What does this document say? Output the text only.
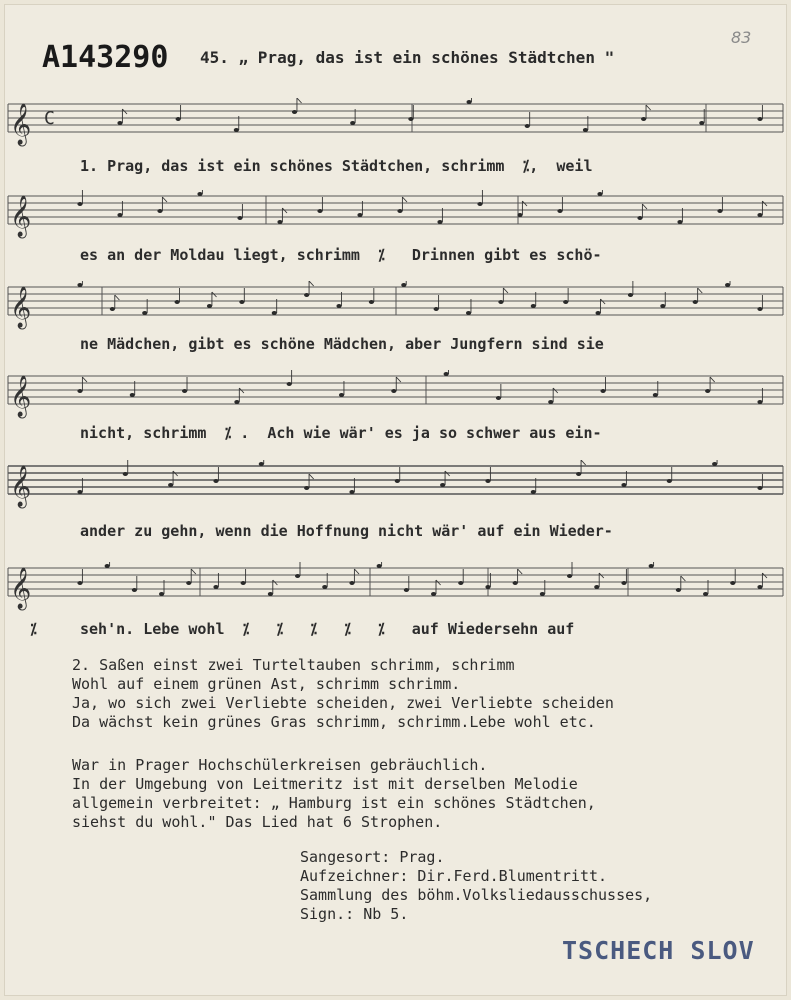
A143290 45. „ Prag, das ist ein schönes Städtchen "
83
𝄞 C
1. Prag, das ist ein schönes Städtchen, schrimm  ⁒,  weil
𝄞
es an der Moldau liegt, schrimm  ⁒   Drinnen gibt es schö-
𝄞
ne Mädchen, gibt es schöne Mädchen, aber Jungfern sind sie
𝄞
nicht, schrimm  ⁒ .  Ach wie wär' es ja so schwer aus ein-
𝄞
ander zu gehn, wenn die Hoffnung nicht wär' auf ein Wieder-
𝄞
seh'n. Lebe wohl  ⁒   ⁒   ⁒   ⁒   ⁒   auf Wiedersehn auf
⁒
2. Saßen einst zwei Turteltauben schrimm, schrimm
Wohl auf einem grünen Ast, schrimm schrimm.
Ja, wo sich zwei Verliebte scheiden, zwei Verliebte scheiden
Da wächst kein grünes Gras schrimm, schrimm.Lebe wohl etc.
War in Prager Hochschülerkreisen gebräuchlich.
In der Umgebung von Leitmeritz ist mit derselben Melodie
allgemein verbreitet: „ Hamburg ist ein schönes Städtchen,
siehst du wohl." Das Lied hat 6 Strophen.
Sangesort: Prag.
Aufzeichner: Dir.Ferd.Blumentritt.
Sammlung des böhm.Volksliedausschusses,
Sign.: Nb 5.
TSCHECH SLOV
